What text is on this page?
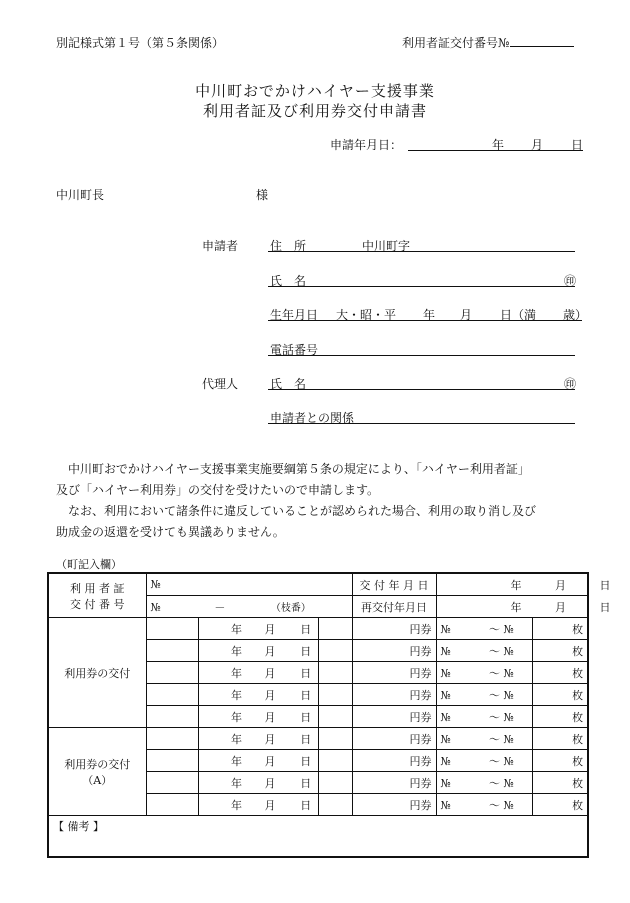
別記様式第１号（第５条関係）	利用者証交付番号№
中川町おでかけハイヤー支援事業
利用者証及び利用券交付申請書
申請年月日：	年 月 日
中川町長	様
申請者	住　所	中川町字
氏　名	㊞
生年月日 大・昭・平 年 月 日（満 歳）
電話番号
代理人	氏　名	㊞
申請者との関係
中川町おでかけハイヤー支援事業実施要綱第５条の規定により、「ハイヤー利用者証」
及び「ハイヤー利用券」の交付を受けたいので申請します。
なお、利用において諸条件に違反していることが認められた場合、利用の取り消し及び
助成金の返還を受けても異議ありません。
（町記入欄）
利 用 者 証
交 付 番 号	№					交 付 年 月 日	年 月 日	
	№ － （枝番）					再交付年月日	年 月 日	

利用券の交付		年	月	日		円券	№ ～ №	枚
		年	月	日		円券	№ ～ №	枚
		年	月	日		円券	№ ～ №	枚
		年	月	日		円券	№ ～ №	枚
		年	月	日		円券	№ ～ №	枚

利用券の交付
（A）		年	月	日		円券	№ ～ №	枚
		年	月	日		円券	№ ～ №	枚
		年	月	日		円券	№ ～ №	枚
		年	月	日		円券	№ ～ №	枚
【 備考 】								
